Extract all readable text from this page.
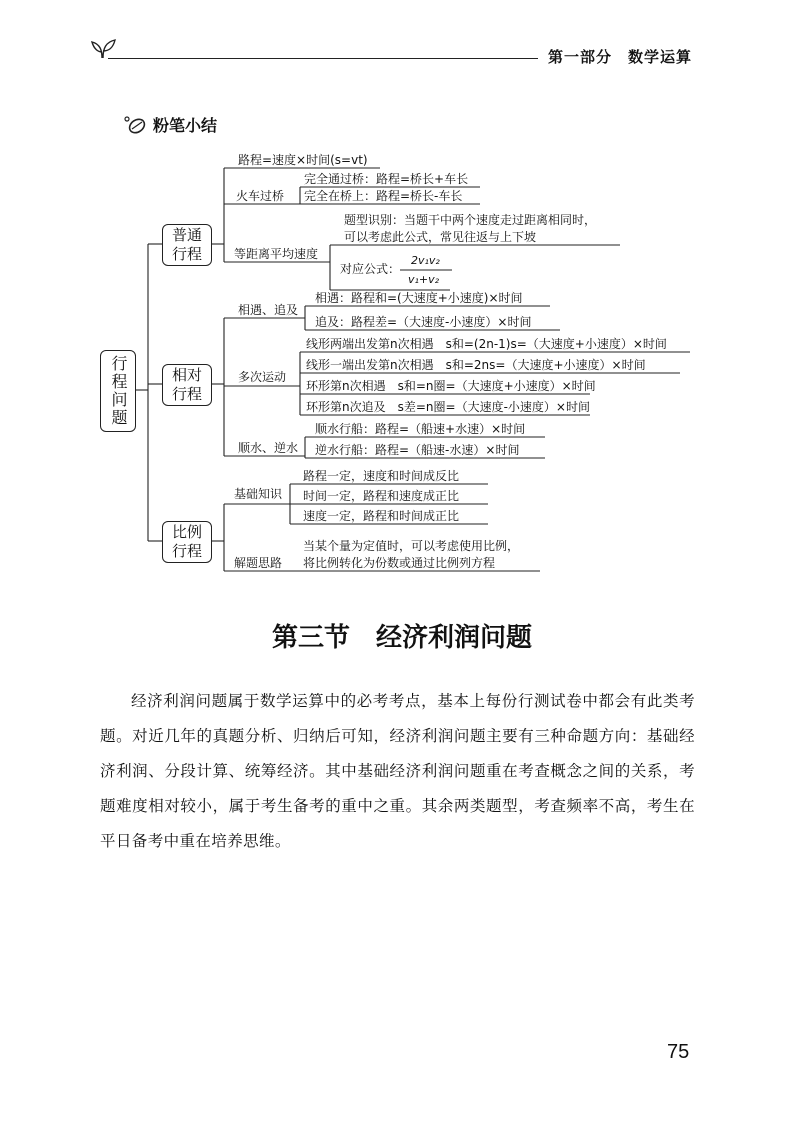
第一部分　数学运算
粉笔小结
行程问题
普通行程
相对行程
比例行程
路程=速度×时间(s=vt)
火车过桥
完全通过桥：路程=桥长+车长
完全在桥上：路程=桥长-车长
等距离平均速度
题型识别：当题干中两个速度走过距离相同时，
可以考虑此公式，常见往返与上下坡
对应公式：
2v₁v₂
v₁+v₂
相遇、追及
相遇：路程和=(大速度+小速度)×时间
追及：路程差=（大速度-小速度）×时间
多次运动
线形两端出发第n次相遇　s和=(2n-1)s=（大速度+小速度）×时间
线形一端出发第n次相遇　s和=2ns=（大速度+小速度）×时间
环形第n次相遇　s和=n圈=（大速度+小速度）×时间
环形第n次追及　s差=n圈=（大速度-小速度）×时间
顺水、逆水
顺水行船：路程=（船速+水速）×时间
逆水行船：路程=（船速-水速）×时间
基础知识
路程一定，速度和时间成反比
时间一定，路程和速度成正比
速度一定，路程和时间成正比
解题思路
当某个量为定值时，可以考虑使用比例，
将比例转化为份数或通过比例列方程
第三节　经济利润问题
经济利润问题属于数学运算中的必考考点，基本上每份行测试卷中都会有此类考题。对近几年的真题分析、归纳后可知，经济利润问题主要有三种命题方向：基础经济利润、分段计算、统筹经济。其中基础经济利润问题重在考查概念之间的关系，考题难度相对较小，属于考生备考的重中之重。其余两类题型，考查频率不高，考生在平日备考中重在培养思维。
75
